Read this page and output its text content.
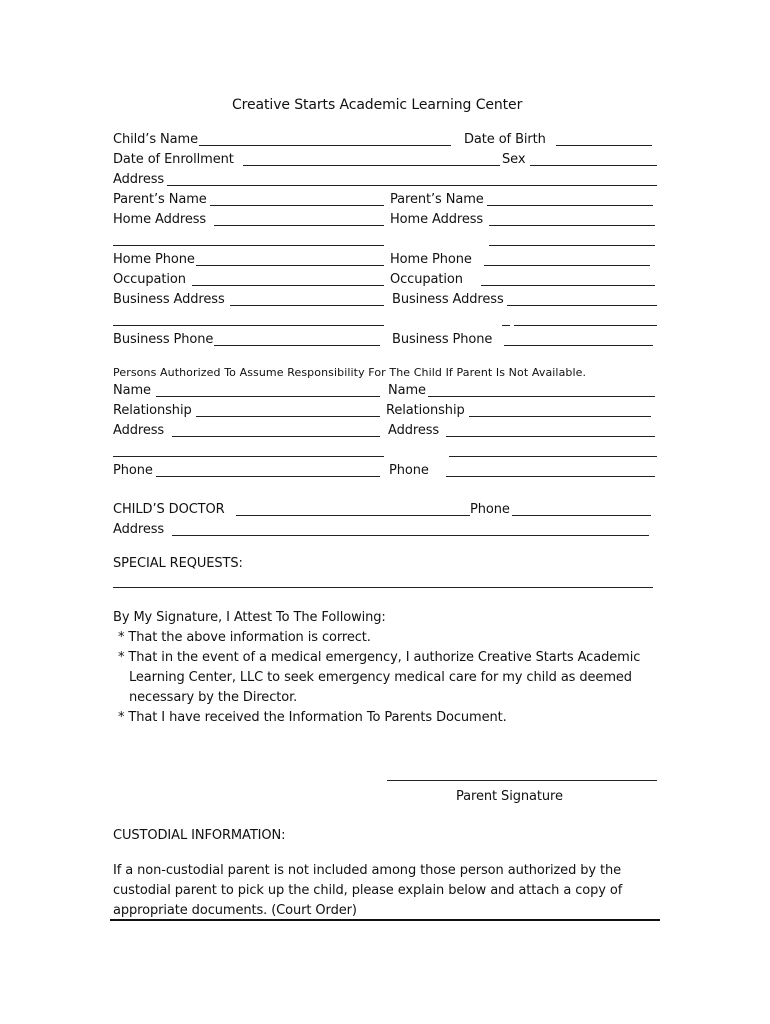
Creative Starts Academic Learning Center
Child’s Name	Date of Birth
Date of Enrollment	Sex
Address
Parent’s Name	Parent’s Name
Home Address	Home Address
Home Phone	Home Phone
Occupation	Occupation
Business Address	Business Address
Business Phone	Business Phone
Persons Authorized To Assume Responsibility For The Child If Parent Is Not Available.
Name	Name
Relationship	Relationship
Address	Address
Phone	Phone
CHILD’S DOCTOR	Phone
Address
SPECIAL REQUESTS:
By My Signature, I Attest To The Following:
* That the above information is correct.
* That in the event of a medical emergency, I authorize Creative Starts Academic
Learning Center, LLC to seek emergency medical care for my child as deemed
necessary by the Director.
* That I have received the Information To Parents Document.
Parent Signature
CUSTODIAL INFORMATION:
If a non-custodial parent is not included among those person authorized by the
custodial parent to pick up the child, please explain below and attach a copy of
appropriate documents. (Court Order)
